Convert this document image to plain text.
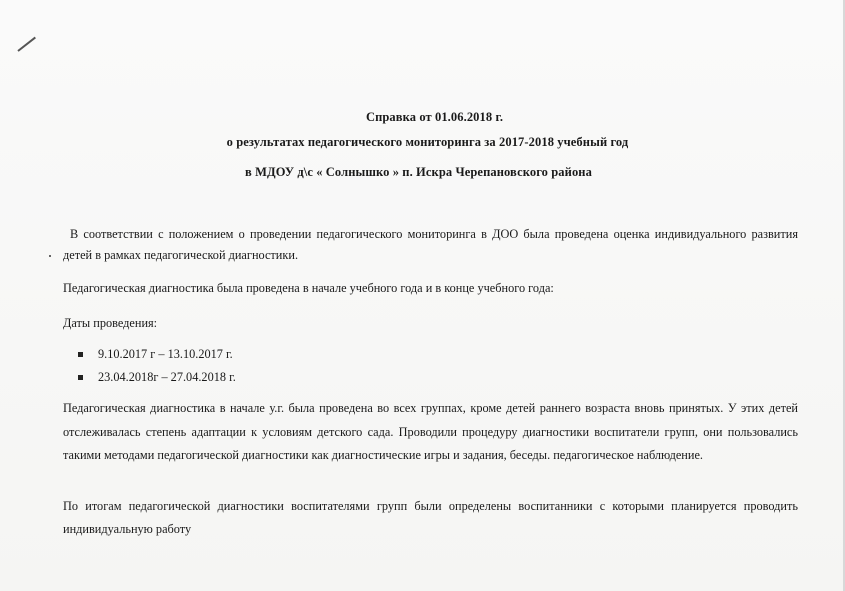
Справка от 01.06.2018 г.
о результатах педагогического мониторинга за 2017-2018 учебный год
в МДОУ д\с « Солнышко » п. Искра Черепановского района
В соответствии с положением о проведении педагогического мониторинга в ДОО была проведена оценка индивидуального развития детей в рамках педагогической диагностики.
Педагогическая диагностика была проведена в начале учебного года и в конце учебного года:
Даты проведения:
9.10.2017 г – 13.10.2017 г.
23.04.2018г – 27.04.2018 г.
Педагогическая диагностика в начале у.г. была проведена во всех группах, кроме детей раннего возраста вновь принятых. У этих детей отслеживалась степень адаптации к условиям детского сада. Проводили процедуру диагностики воспитатели групп, они пользовались такими методами педагогической диагностики как диагностические игры и задания, беседы. педагогическое наблюдение.
По итогам педагогической диагностики воспитателями групп были определены воспитанники с которыми планируется проводить индивидуальную работу
